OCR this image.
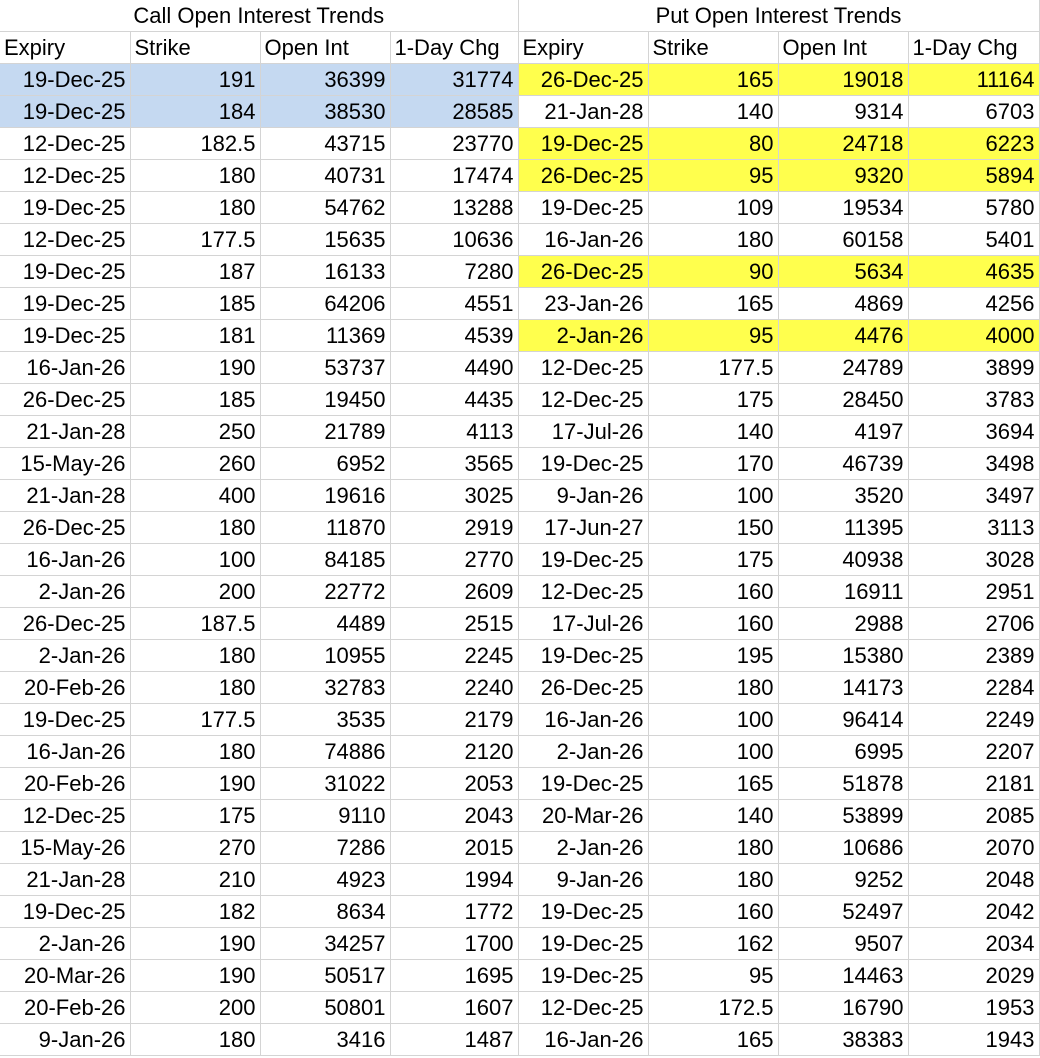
Call Open Interest Trends				Put Open Interest Trends			
Expiry	Strike	Open Int	1-Day Chg	Expiry	Strike	Open Int	1-Day Chg
19-Dec-25	191	36399	31774	26-Dec-25	165	19018	11164
19-Dec-25	184	38530	28585	21-Jan-28	140	9314	6703
12-Dec-25	182.5	43715	23770	19-Dec-25	80	24718	6223
12-Dec-25	180	40731	17474	26-Dec-25	95	9320	5894
19-Dec-25	180	54762	13288	19-Dec-25	109	19534	5780
12-Dec-25	177.5	15635	10636	16-Jan-26	180	60158	5401
19-Dec-25	187	16133	7280	26-Dec-25	90	5634	4635
19-Dec-25	185	64206	4551	23-Jan-26	165	4869	4256
19-Dec-25	181	11369	4539	2-Jan-26	95	4476	4000
16-Jan-26	190	53737	4490	12-Dec-25	177.5	24789	3899
26-Dec-25	185	19450	4435	12-Dec-25	175	28450	3783
21-Jan-28	250	21789	4113	17-Jul-26	140	4197	3694
15-May-26	260	6952	3565	19-Dec-25	170	46739	3498
21-Jan-28	400	19616	3025	9-Jan-26	100	3520	3497
26-Dec-25	180	11870	2919	17-Jun-27	150	11395	3113
16-Jan-26	100	84185	2770	19-Dec-25	175	40938	3028
2-Jan-26	200	22772	2609	12-Dec-25	160	16911	2951
26-Dec-25	187.5	4489	2515	17-Jul-26	160	2988	2706
2-Jan-26	180	10955	2245	19-Dec-25	195	15380	2389
20-Feb-26	180	32783	2240	26-Dec-25	180	14173	2284
19-Dec-25	177.5	3535	2179	16-Jan-26	100	96414	2249
16-Jan-26	180	74886	2120	2-Jan-26	100	6995	2207
20-Feb-26	190	31022	2053	19-Dec-25	165	51878	2181
12-Dec-25	175	9110	2043	20-Mar-26	140	53899	2085
15-May-26	270	7286	2015	2-Jan-26	180	10686	2070
21-Jan-28	210	4923	1994	9-Jan-26	180	9252	2048
19-Dec-25	182	8634	1772	19-Dec-25	160	52497	2042
2-Jan-26	190	34257	1700	19-Dec-25	162	9507	2034
20-Mar-26	190	50517	1695	19-Dec-25	95	14463	2029
20-Feb-26	200	50801	1607	12-Dec-25	172.5	16790	1953
9-Jan-26	180	3416	1487	16-Jan-26	165	38383	1943
